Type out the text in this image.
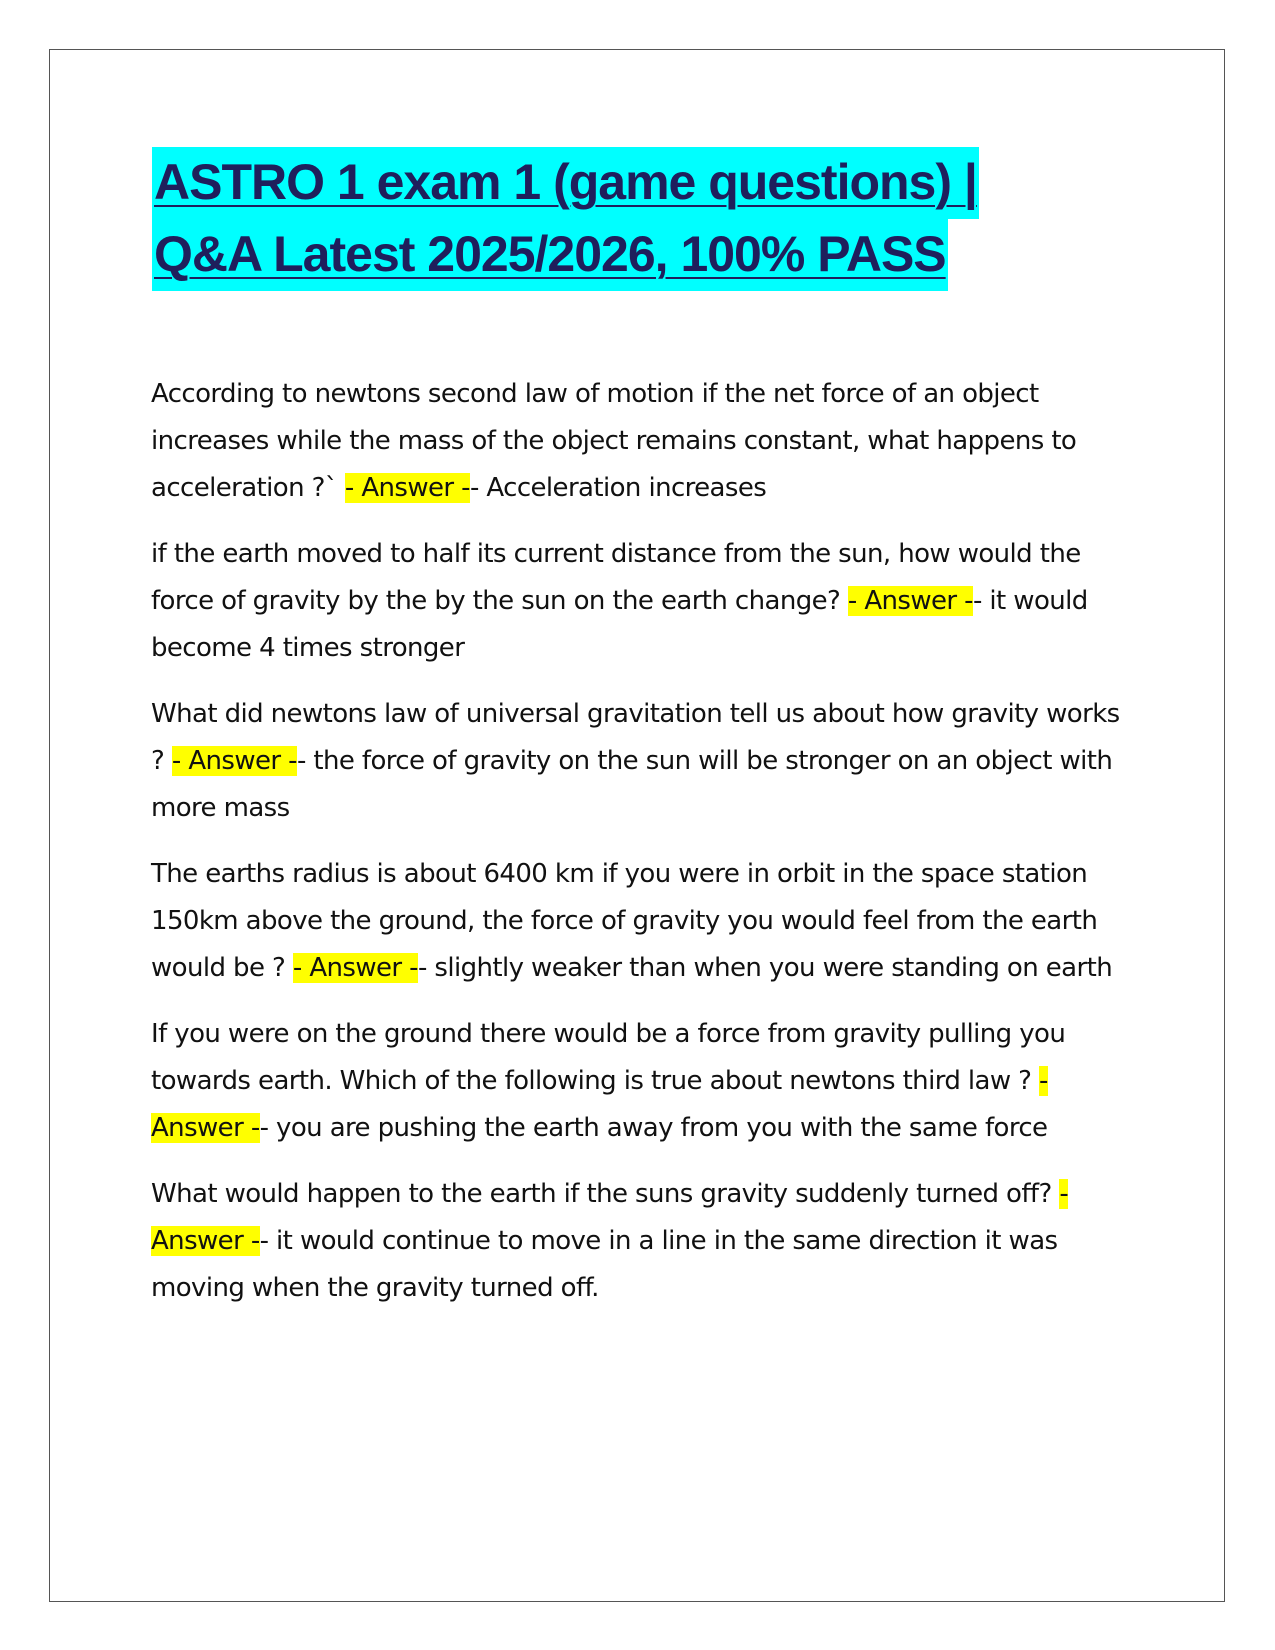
ASTRO 1 exam 1 (game questions) |
Q&A Latest 2025/2026, 100% PASS

According to newtons second law of motion if the net force of an object increases while the mass of the object remains constant, what happens to acceleration ?` - Answer -- Acceleration increases

if the earth moved to half its current distance from the sun, how would the force of gravity by the by the sun on the earth change? - Answer -- it would become 4 times stronger

What did newtons law of universal gravitation tell us about how gravity works ? - Answer -- the force of gravity on the sun will be stronger on an object with more mass

The earths radius is about 6400 km if you were in orbit in the space station 150km above the ground, the force of gravity you would feel from the earth would be ? - Answer -- slightly weaker than when you were standing on earth

If you were on the ground there would be a force from gravity pulling you towards earth. Which of the following is true about newtons third law ? - Answer -- you are pushing the earth away from you with the same force

What would happen to the earth if the suns gravity suddenly turned off? - Answer -- it would continue to move in a line in the same direction it was moving when the gravity turned off.
